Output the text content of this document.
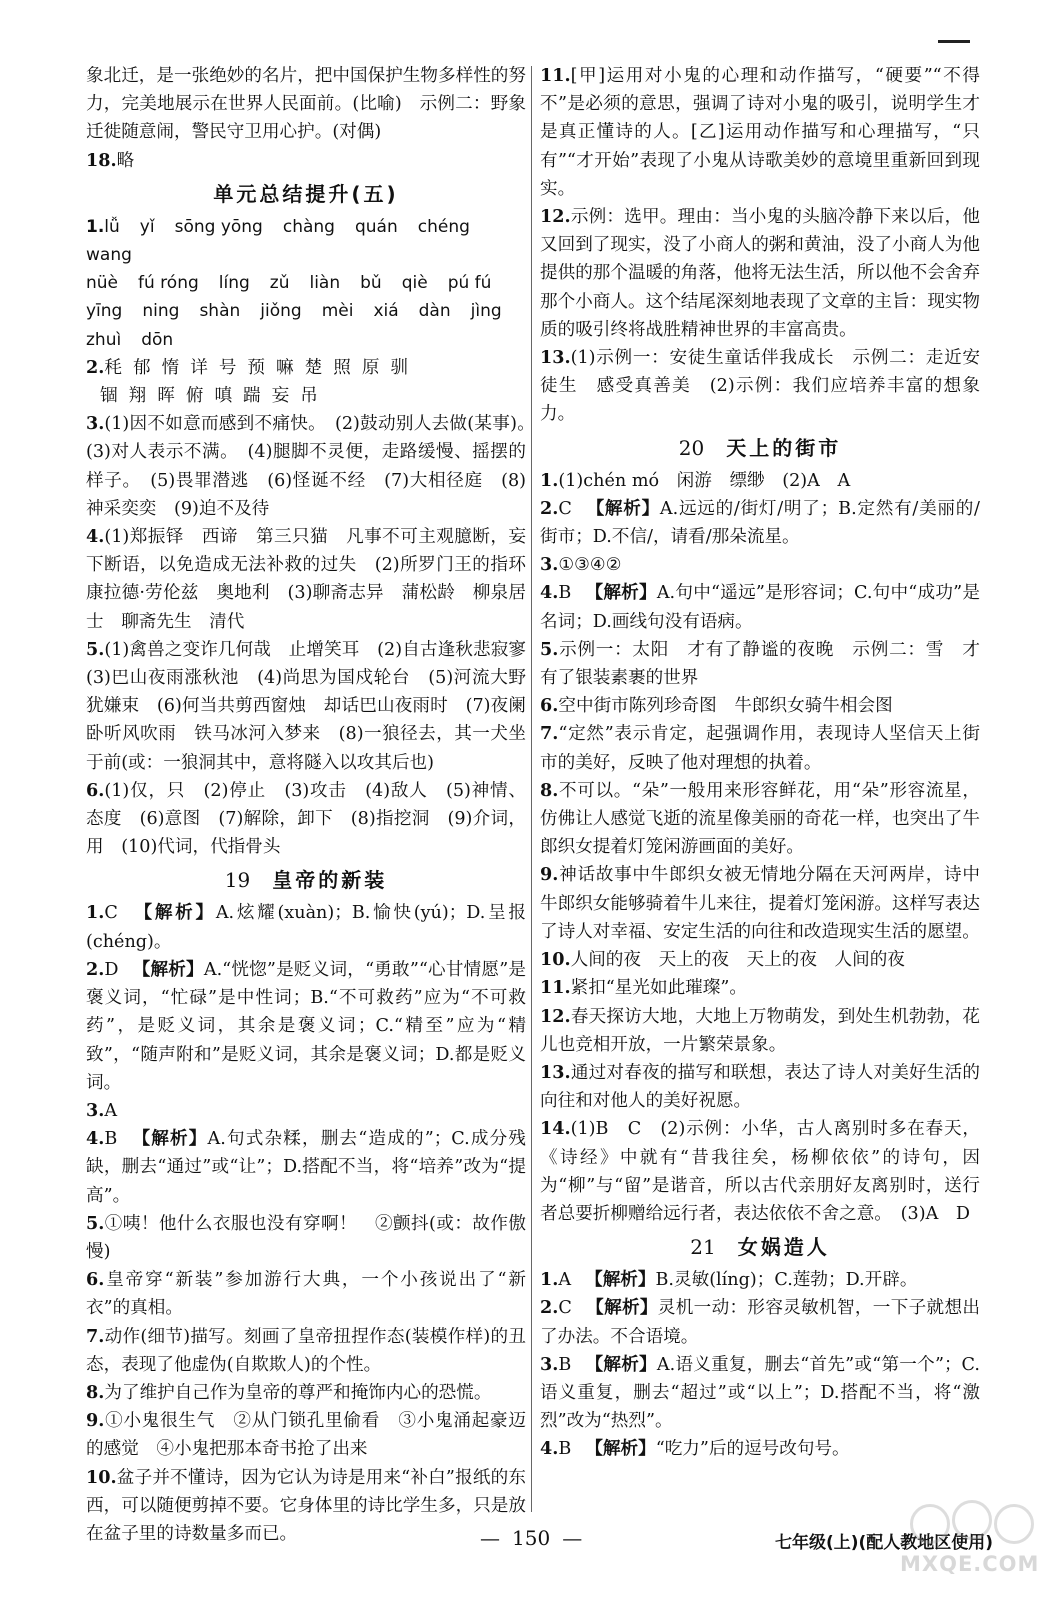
象北迁，是一张绝妙的名片，把中国保护生物多样性的努力，完美地展示在世界人民面前。(比喻)　示例二：野象迁徙随意闹，警民守卫用心护。(对偶)
18.略
单元总结提升(五)
1.lǚ yǐ sōng yōng chàng quán chéngwang
nüè fú róng líng zǔ liàn bǔ qiè pú fú
yīng ning shàn jiǒng mèi xiá dàn jìng
zhuì dōn
2.秏 郁 惰 详 号 预 嘛 楚 照 原 驯
锢 翔 晖 俯 嗔 踹 妄 吊
3.(1)因不如意而感到不痛快。　(2)鼓动别人去做(某事)。　(3)对人表示不满。　(4)腿脚不灵便，走路缓慢、摇摆的样子。　(5)畏罪潜逃　(6)怪诞不经　(7)大相径庭　(8)神采奕奕　(9)迫不及待
4.(1)郑振铎　西谛　第三只猫　凡事不可主观臆断，妄下断语，以免造成无法补救的过失　(2)所罗门王的指环　康拉德·劳伦兹　奥地利　(3)聊斋志异　蒲松龄　柳泉居士　聊斋先生　清代
5.(1)禽兽之变诈几何哉　止增笑耳　(2)自古逢秋悲寂寥　(3)巴山夜雨涨秋池　(4)尚思为国戍轮台　(5)河流大野犹嫌束　(6)何当共剪西窗烛　却话巴山夜雨时　(7)夜阑卧听风吹雨　铁马冰河入梦来　(8)一狼径去，其一犬坐于前(或：一狼洞其中，意将隧入以攻其后也)
6.(1)仅，只　(2)停止　(3)攻击　(4)敌人　(5)神情、态度　(6)意图　(7)解除，卸下　(8)指挖洞　(9)介词，用　(10)代词，代指骨头
19 皇帝的新装
1.C 【解析】A.炫耀(xuàn)；B.愉快(yú)；D.呈报(chéng)。
2.D 【解析】A.“恍惚”是贬义词，“勇敢”“心甘情愿”是褒义词，“忙碌”是中性词；B.“不可救药”应为“不可救药”，是贬义词，其余是褒义词；C.“精至”应为“精致”，“随声附和”是贬义词，其余是褒义词；D.都是贬义词。
3.A
4.B 【解析】A.句式杂糅，删去“造成的”；C.成分残缺，删去“通过”或“让”；D.搭配不当，将“培养”改为“提高”。
5.①咦！他什么衣服也没有穿啊！　②颤抖(或：故作傲慢)
6.皇帝穿“新装”参加游行大典，一个小孩说出了“新衣”的真相。
7.动作(细节)描写。刻画了皇帝扭捏作态(装模作样)的丑态，表现了他虚伪(自欺欺人)的个性。
8.为了维护自己作为皇帝的尊严和掩饰内心的恐慌。
9.①小鬼很生气　②从门锁孔里偷看　③小鬼涌起豪迈的感觉　④小鬼把那本奇书抢了出来
10.盆子并不懂诗，因为它认为诗是用来“补白”报纸的东西，可以随便剪掉不要。它身体里的诗比学生多，只是放在盆子里的诗数量多而已。
11.[甲]运用对小鬼的心理和动作描写，“硬要”“不得不”是必须的意思，强调了诗对小鬼的吸引，说明学生才是真正懂诗的人。[乙]运用动作描写和心理描写，“只有”“才开始”表现了小鬼从诗歌美妙的意境里重新回到现实。
12.示例：选甲。理由：当小鬼的头脑冷静下来以后，他又回到了现实，没了小商人的粥和黄油，没了小商人为他提供的那个温暖的角落，他将无法生活，所以他不会舍弃那个小商人。这个结尾深刻地表现了文章的主旨：现实物质的吸引终将战胜精神世界的丰富高贵。
13.(1)示例一：安徒生童话伴我成长　示例二：走近安徒生　感受真善美　(2)示例：我们应培养丰富的想象力。
20 天上的街市
1.(1)chén mó　闲游　缥缈　(2)A　A
2.C 【解析】A.远远的/街灯/明了；B.定然有/美丽的/街市；D.不信/，请看/那朵流星。
3.①③④②
4.B 【解析】A.句中“遥远”是形容词；C.句中“成功”是名词；D.画线句没有语病。
5.示例一：太阳　才有了静谧的夜晚　示例二：雪　才有了银装素裹的世界
6.空中街市陈列珍奇图　牛郎织女骑牛相会图
7.“定然”表示肯定，起强调作用，表现诗人坚信天上街市的美好，反映了他对理想的执着。
8.不可以。“朵”一般用来形容鲜花，用“朵”形容流星，仿佛让人感觉飞逝的流星像美丽的奇花一样，也突出了牛郎织女提着灯笼闲游画面的美好。
9.神话故事中牛郎织女被无情地分隔在天河两岸，诗中牛郎织女能够骑着牛儿来往，提着灯笼闲游。这样写表达了诗人对幸福、安定生活的向往和改造现实生活的愿望。
10.人间的夜　天上的夜　天上的夜　人间的夜
11.紧扣“星光如此璀璨”。
12.春天探访大地，大地上万物萌发，到处生机勃勃，花儿也竞相开放，一片繁荣景象。
13.通过对春夜的描写和联想，表达了诗人对美好生活的向往和对他人的美好祝愿。
14.(1)B　C　(2)示例：小华，古人离别时多在春天，《诗经》中就有“昔我往矣，杨柳依依”的诗句，因为“柳”与“留”是谐音，所以古代亲朋好友离别时，送行者总要折柳赠给远行者，表达依依不舍之意。　(3)A　D
21 女娲造人
1.A 【解析】B.灵敏(líng)；C.莲勃；D.开辟。
2.C 【解析】灵机一动：形容灵敏机智，一下子就想出了办法。不合语境。
3.B 【解析】A.语义重复，删去“首先”或“第一个”；C.语义重复，删去“超过”或“以上”；D.搭配不当，将“激烈”改为“热烈”。
4.B 【解析】“吃力”后的逗号改句号。
— 150 —	七年级(上)(配人教地区使用)
MXQE.COM
